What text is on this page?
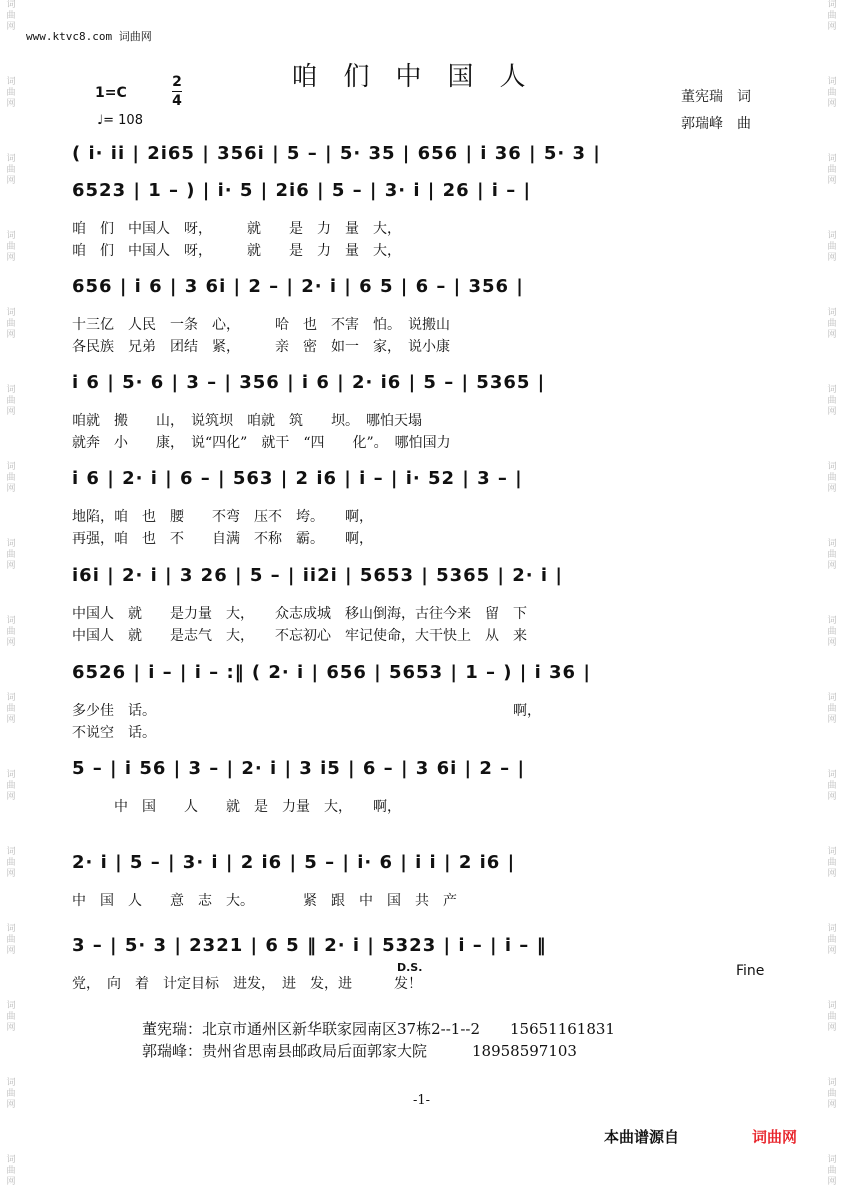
词
曲
网

词
曲
网

词
曲
网

词
曲
网

词
曲
网

词
曲
网

词
曲
网

词
曲
网

词
曲
网

词
曲
网

词
曲
网

词
曲
网

词
曲
网

词
曲
网

词
曲
网

词
曲
网

词
曲
网

词
曲
网

词
曲
网

词
曲
网

词
曲
网

词
曲
网

词
曲
网

词
曲
网

词
曲
网

词
曲
网

词
曲
网

词
曲
网

词
曲
网

词
曲
网

词
曲
网

词
曲
网

www.ktvc8.com 词曲网
咱们中国人
1=C
2
4
♩= 108
董宪瑞　词
郭瑞峰　曲
( i· ii | 2i65 | 356i | 5 – | 5· 35 | 656 | i 36 | 5· 3 |
6523 | 1 – ) | i· 5 | 2i6 | 5 – | 3· i | 26 | i – |
咱　们　中国人　呀，　　　就　　是　力　量　大，
咱　们　中国人　呀，　　　就　　是　力　量　大，
656 | i 6 | 3 6i | 2 – | 2· i | 6 5 | 6 – | 356 |
十三亿　人民　一条　心，　　　哈　也　不害　怕。　说搬山
各民族　兄弟　团结　紧，　　　亲　密　如一　家，　说小康
i 6 | 5· 6 | 3 – | 356 | i 6 | 2· i6 | 5 – | 5365 |
咱就　搬　　山，　说筑坝　咱就　筑　　坝。　哪怕天塌
就奔　小　　康，　说“四化”　就干　“四　　化”。　哪怕国力
i 6 | 2· i | 6 – | 563 | 2 i6 | i – | i· 52 | 3 – |
地陷，咱　也　腰　　不弯　压不　垮。　　啊，
再强，咱　也　不　　自满　不称　霸。　　啊，
i6i | 2· i | 3 26 | 5 – | ii2i | 5653 | 5365 | 2· i |
中国人　就　　是力量　大，　　众志成城　移山倒海，古往今来　留　下
中国人　就　　是志气　大，　　不忘初心　牢记使命，大干快上　从　来
6526 | i – | i – :‖ ( 2· i | 656 | 5653 | 1 – ) | i 36 |
多少佳　话。　　　　　　　　　　　　　　　　　　　　　　　　　　啊，
不说空　话。
5 – | i 56 | 3 – | 2· i | 3 i5 | 6 – | 3 6i | 2 – |
　　　中　国　　人　　就　是　力量　大，　　啊，
2· i | 5 – | 3· i | 2 i6 | 5 – | i· 6 | i i | 2 i6 |
中　国　人　　意　志　大。　　　　紧　跟　中　国　共　产
3 – | 5· 3 | 2321 | 6 5 ‖ 2· i | 5323 | i – | i – ‖
党，　向　着　计定目标　进发，　进　发，进　　　发！
D.S.	Fine
董宪瑞：北京市通州区新华联家园南区37栋2--1--2　　15651161831
郭瑞峰：贵州省思南县邮政局后面郭家大院　　　18958597103
-1-
本曲谱源自	词曲网
